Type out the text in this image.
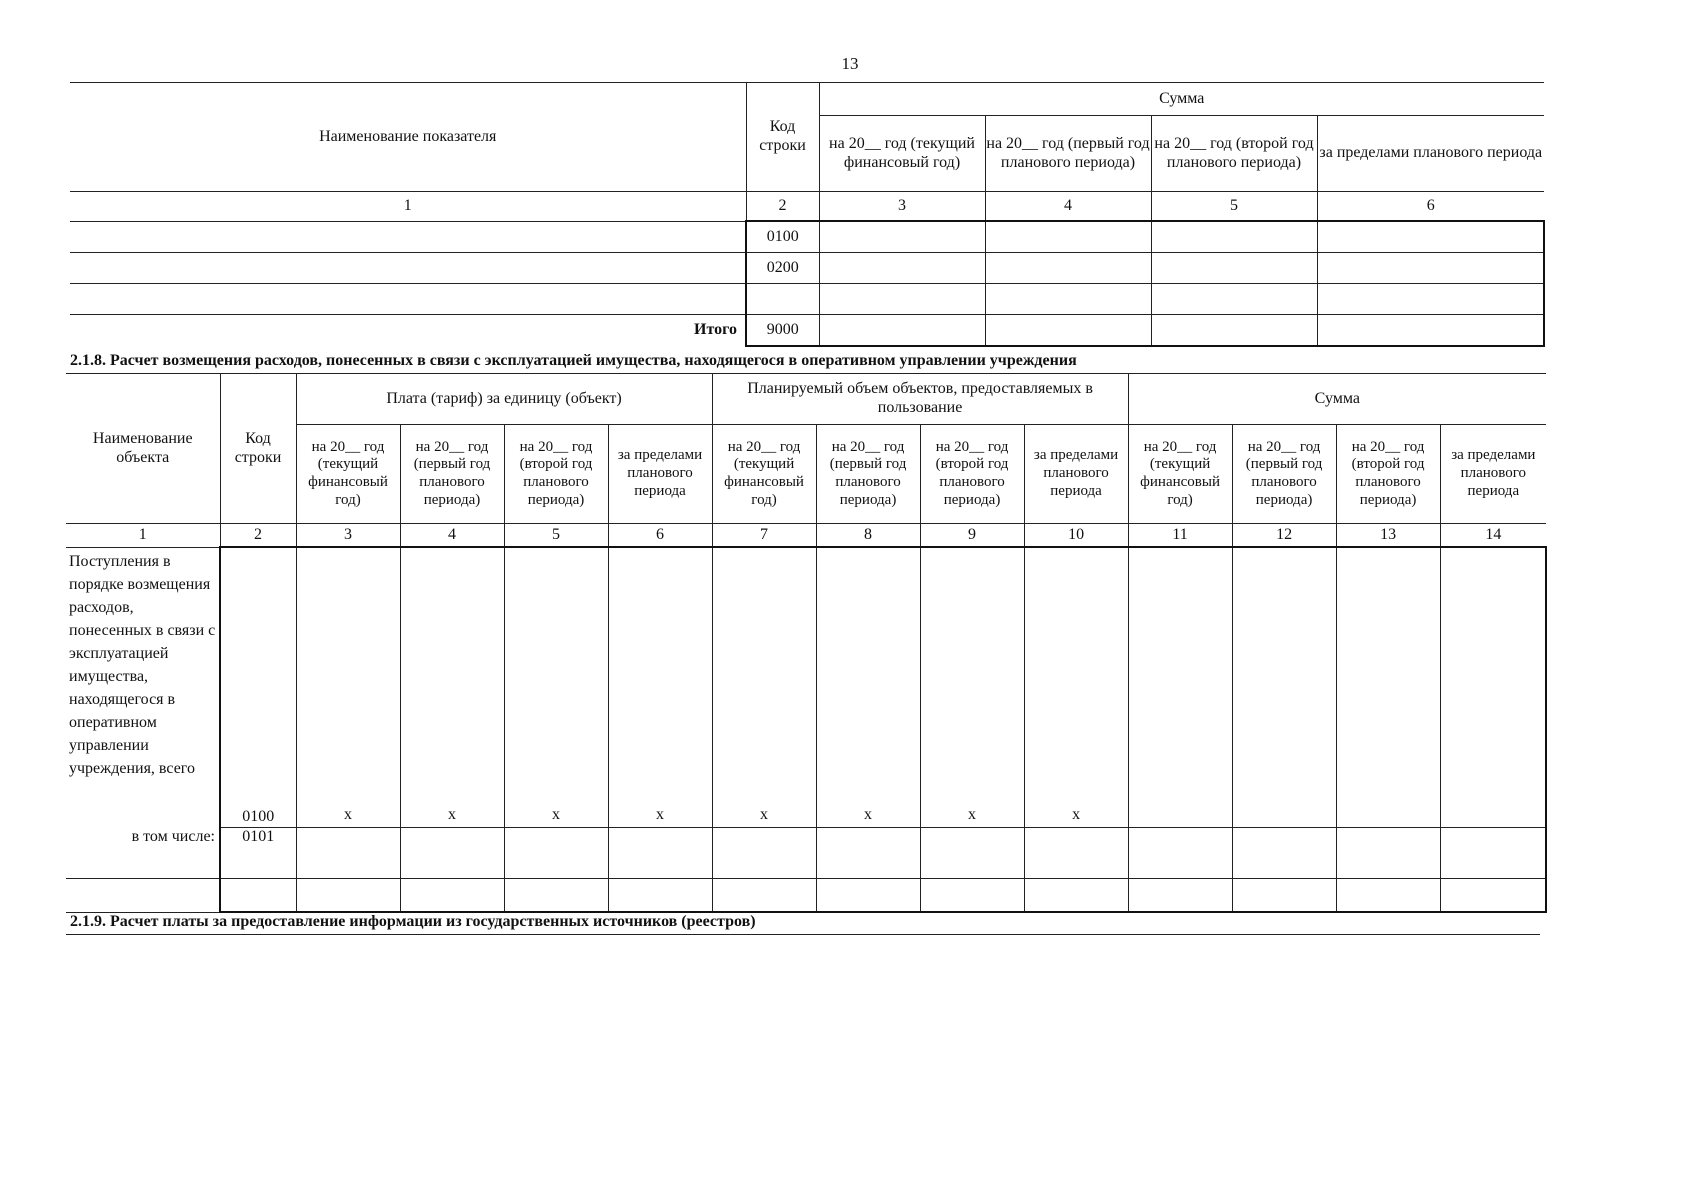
13
Наименование показателя	Код строки	Сумма			
		на 20__ год (текущий финансовый год)	на 20__ год (первый год планового периода)	на 20__ год (второй год планового периода)	за пределами планового периода
1	2	3	4	5	6
	0100				
	0200				

Итого	9000				
2.1.8. Расчет возмещения расходов, понесенных в связи с эксплуатацией имущества, находящегося в оперативном управлении учреждения
Наименование объекта	Код строки	Плата (тариф) за единицу (объект)				Планируемый объем объектов, предоставляемых в пользование				Сумма			
		на 20__ год (текущий финансовый год)	на 20__ год (первый год планового периода)	на 20__ год (второй год планового периода)	за пределами планового периода	на 20__ год (текущий финансовый год)	на 20__ год (первый год планового периода)	на 20__ год (второй год планового периода)	за пределами планового периода	на 20__ год (текущий финансовый год)	на 20__ год (первый год планового периода)	на 20__ год (второй год планового периода)	за пределами планового периода
1	2	3	4	5	6	7	8	9	10	11	12	13	14

Поступления в порядке возмещения расходов, понесенных в связи с эксплуатацией имущества, находящегося в оперативном управлении учреждения, всего	0100	x	x	x	x	x	x	x	x				
в том числе:	0101												

2.1.9. Расчет платы за предоставление информации из государственных источников (реестров)
